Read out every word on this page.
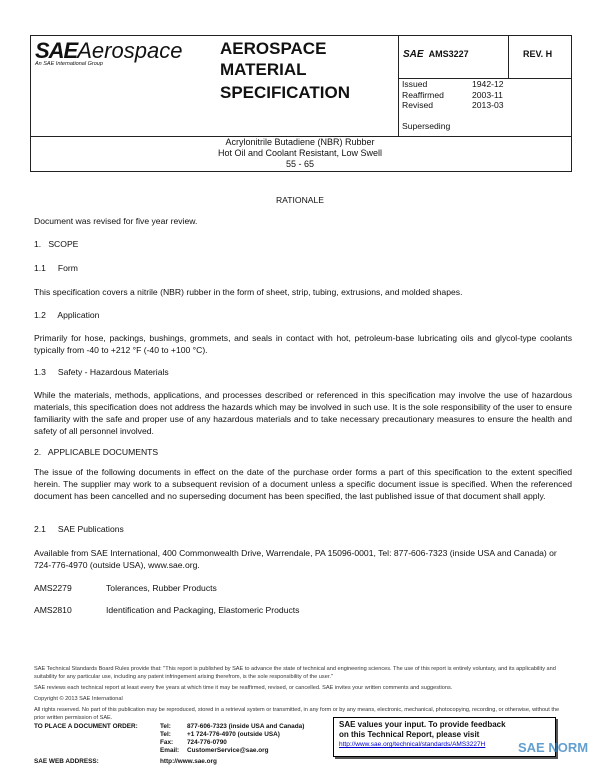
SAEAerospace
An SAE International Group
AEROSPACE
MATERIAL
SPECIFICATION
SAE AMS3227	REV. H
Issued	1942-12
Reaffirmed	2003-11
Revised	2013-03
Superseding
Acrylonitrile Butadiene (NBR) Rubber
Hot Oil and Coolant Resistant, Low Swell
55 - 65
RATIONALE
Document was revised for five year review.
1.   SCOPE
1.1     Form
This specification covers a nitrile (NBR) rubber in the form of sheet, strip, tubing, extrusions, and molded shapes.
1.2     Application
Primarily for hose, packings, bushings, grommets, and seals in contact with hot, petroleum-base lubricating oils and glycol-type coolants typically from -40 to +212 °F (-40 to +100 °C).
1.3     Safety - Hazardous Materials
While the materials, methods, applications, and processes described or referenced in this specification may involve the use of hazardous materials, this specification does not address the hazards which may be involved in such use. It is the sole responsibility of the user to ensure familiarity with the safe and proper use of any hazardous materials and to take necessary precautionary measures to ensure the health and safety of all personnel involved.
2.   APPLICABLE DOCUMENTS
The issue of the following documents in effect on the date of the purchase order forms a part of this specification to the extent specified herein. The supplier may work to a subsequent revision of a document unless a specific document issue is specified. When the referenced document has been cancelled and no superseding document has been specified, the last published issue of that document shall apply.
2.1     SAE Publications
Available from SAE International, 400 Commonwealth Drive, Warrendale, PA 15096-0001, Tel: 877-606-7323 (inside USA and Canada) or 724-776-4970 (outside USA), www.sae.org.
AMS2279	Tolerances, Rubber Products
AMS2810	Identification and Packaging, Elastomeric Products
SAE Technical Standards Board Rules provide that: "This report is published by SAE to advance the state of technical and engineering sciences. The use of this report is entirely voluntary, and its applicability and suitability for any particular use, including any patent infringement arising therefrom, is the sole responsibility of the user."
SAE reviews each technical report at least every five years at which time it may be reaffirmed, revised, or cancelled. SAE invites your written comments and suggestions.
Copyright © 2013 SAE International
All rights reserved. No part of this publication may be reproduced, stored in a retrieval system or transmitted, in any form or by any means, electronic, mechanical, photocopying, recording, or otherwise, without the prior written permission of SAE.
TO PLACE A DOCUMENT ORDER:	Tel:	877-606-7323 (inside USA and Canada)
Tel:	+1 724-776-4970 (outside USA)
Fax: 724-776-0790
Email: CustomerService@sae.org
SAE WEB ADDRESS:	http://www.sae.org
SAE values your input. To provide feedback
on this Technical Report, please visit
http://www.sae.org/technical/standards/AMS3227H	SAE NORM
